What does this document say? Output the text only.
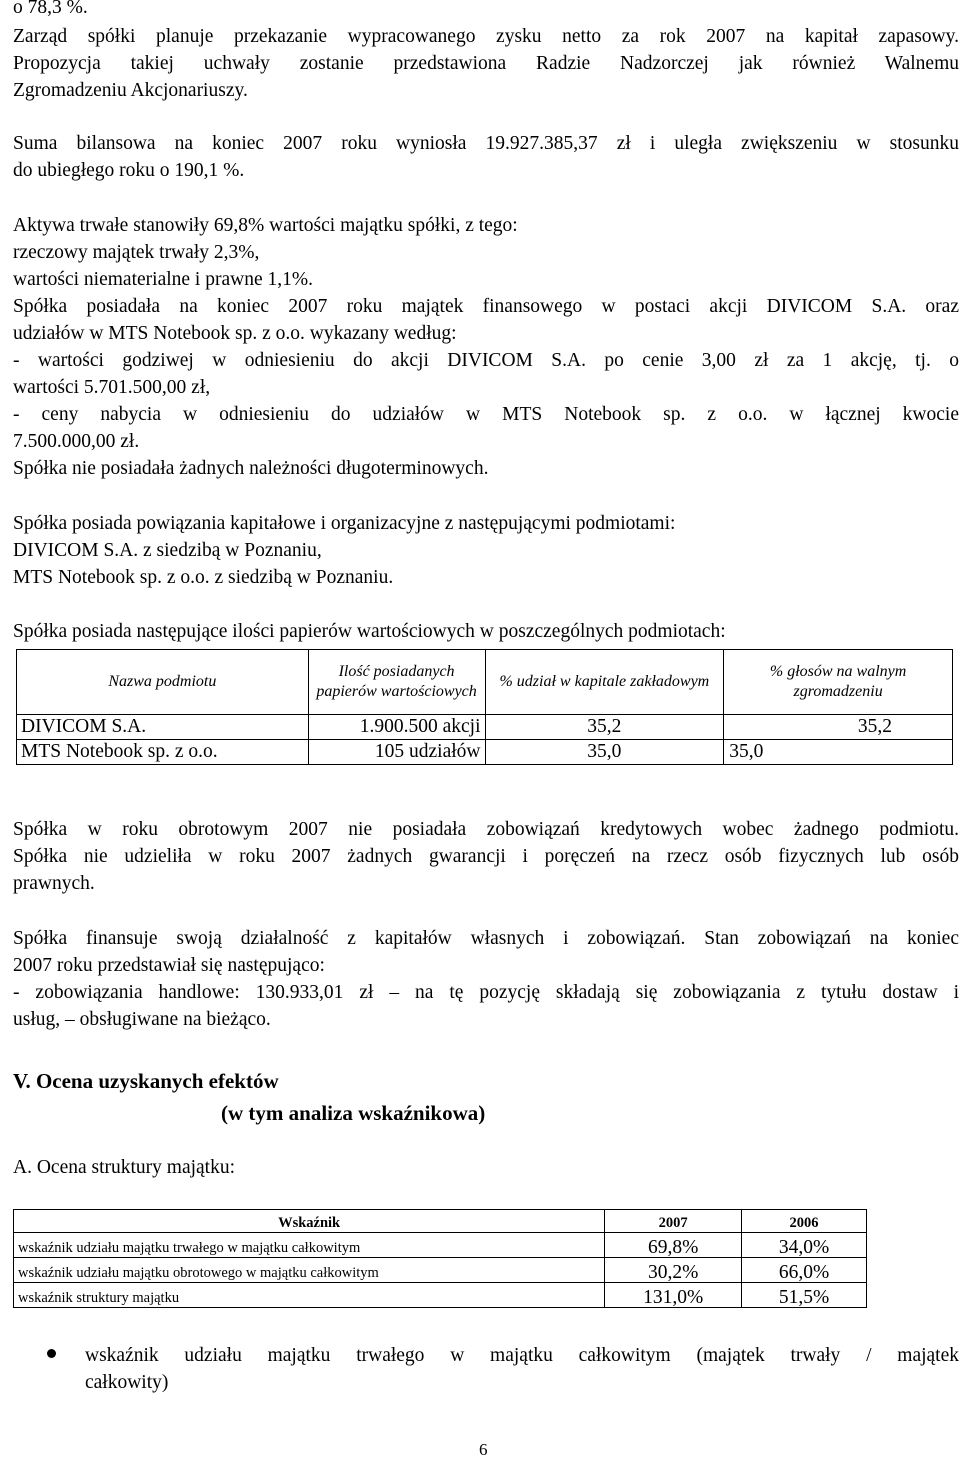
o 78,3 %.
Zarząd spółki planuje przekazanie wypracowanego zysku netto za rok 2007 na kapitał zapasowy.
Propozycja takiej uchwały zostanie przedstawiona Radzie Nadzorczej jak również Walnemu
Zgromadzeniu Akcjonariuszy.
Suma bilansowa na koniec 2007 roku wyniosła 19.927.385,37 zł i uległa zwiększeniu w stosunku
do ubiegłego roku o 190,1 %.
Aktywa trwałe stanowiły 69,8% wartości majątku spółki, z tego:
rzeczowy majątek trwały 2,3%,
wartości niematerialne i prawne 1,1%.
Spółka posiadała na koniec 2007 roku majątek finansowego w postaci akcji DIVICOM S.A. oraz
udziałów w MTS Notebook sp. z o.o. wykazany według:
- wartości godziwej w odniesieniu do akcji DIVICOM S.A. po cenie 3,00 zł za 1 akcję, tj. o
wartości 5.701.500,00 zł,
- ceny nabycia w odniesieniu do udziałów w MTS Notebook sp. z o.o. w łącznej kwocie
7.500.000,00 zł.
Spółka nie posiadała żadnych należności długoterminowych.
Spółka posiada powiązania kapitałowe i organizacyjne z następującymi podmiotami:
DIVICOM S.A. z siedzibą w Poznaniu,
MTS Notebook sp. z o.o. z siedzibą w Poznaniu.
Spółka posiada następujące ilości papierów wartościowych w poszczególnych podmiotach:
Nazwa podmiotu	Ilość posiadanych papierów wartościowych	% udział w kapitale zakładowym	% głosów na walnym zgromadzeniu
DIVICOM S.A.	1.900.500 akcji	35,2	35,2
MTS Notebook sp. z o.o.	105 udziałów	35,0	35,0
Spółka w roku obrotowym 2007 nie posiadała zobowiązań kredytowych wobec żadnego podmiotu.
Spółka nie udzieliła w roku 2007 żadnych gwarancji i poręczeń na rzecz osób fizycznych lub osób
prawnych.
Spółka finansuje swoją działalność z kapitałów własnych i zobowiązań. Stan zobowiązań na koniec
2007 roku przedstawiał się następująco:
- zobowiązania handlowe: 130.933,01 zł – na tę pozycję składają się zobowiązania z tytułu dostaw i
usług, – obsługiwane na bieżąco.
V. Ocena uzyskanych efektów
(w tym analiza wskaźnikowa)
A. Ocena struktury majątku:
Wskaźnik	2007	2006
wskaźnik udziału majątku trwałego w majątku całkowitym	69,8%	34,0%
wskaźnik udziału majątku obrotowego w majątku całkowitym	30,2%	66,0%
wskaźnik struktury majątku	131,0%	51,5%
wskaźnik udziału majątku trwałego w majątku całkowitym (majątek trwały / majątek
całkowity)
6
